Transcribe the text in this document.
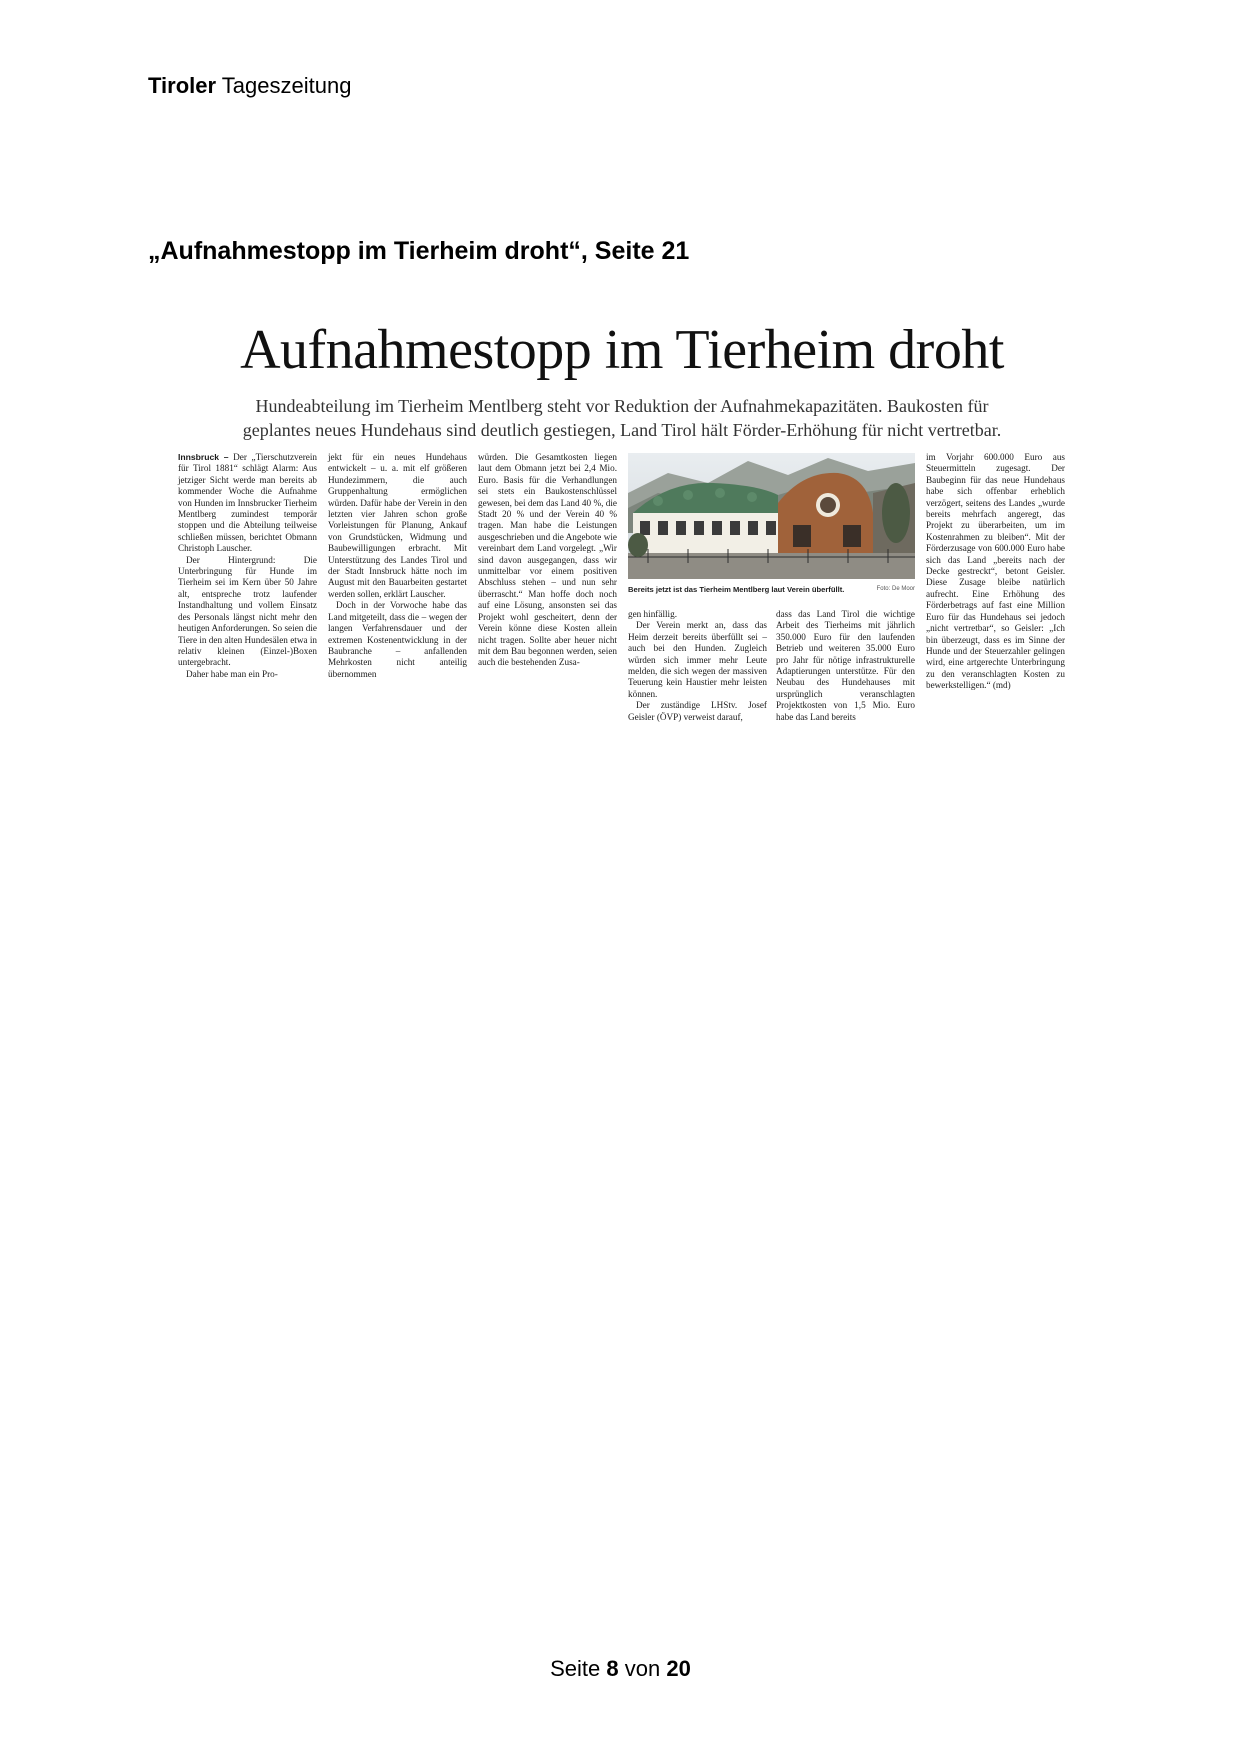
Tiroler Tageszeitung
„Aufnahmestopp im Tierheim droht“, Seite 21
Aufnahmestopp im Tierheim droht
Hundeabteilung im Tierheim Mentlberg steht vor Reduktion der Aufnahmekapazitäten. Baukosten für
geplantes neues Hundehaus sind deutlich gestiegen, Land Tirol hält Förder-Erhöhung für nicht vertretbar.

Innsbruck – Der „Tierschutzverein für Tirol 1881“ schlägt Alarm: Aus jetziger Sicht werde man bereits ab kommender Woche die Aufnahme von Hunden im Innsbrucker Tierheim Mentlberg zumindest temporär stoppen und die Abteilung teilweise schließen müssen, berichtet Obmann Christoph Lauscher.

Der Hintergrund: Die Unterbringung für Hunde im Tierheim sei im Kern über 50 Jahre alt, entspreche trotz laufender Instandhaltung und vollem Einsatz des Personals längst nicht mehr den heutigen Anforderungen. So seien die Tiere in den alten Hundesälen etwa in relativ kleinen (Einzel-)Boxen untergebracht.

Daher habe man ein Pro-

jekt für ein neues Hundehaus entwickelt – u. a. mit elf größeren Hundezimmern, die auch Gruppenhaltung ermöglichen würden. Dafür habe der Verein in den letzten vier Jahren schon große Vorleistungen für Planung, Ankauf von Grundstücken, Widmung und Baubewilligungen erbracht. Mit Unterstützung des Landes Tirol und der Stadt Innsbruck hätte noch im August mit den Bauarbeiten gestartet werden sollen, erklärt Lauscher.

Doch in der Vorwoche habe das Land mitgeteilt, dass die – wegen der langen Verfahrensdauer und der extremen Kostenentwicklung in der Baubranche – anfallenden Mehrkosten nicht anteilig übernommen

würden. Die Gesamtkosten liegen laut dem Obmann jetzt bei 2,4 Mio. Euro. Basis für die Verhandlungen sei stets ein Baukostenschlüssel gewesen, bei dem das Land 40 %, die Stadt 20 % und der Verein 40 % tragen. Man habe die Leistungen ausgeschrieben und die Angebote wie vereinbart dem Land vorgelegt. „Wir sind davon ausgegangen, dass wir unmittelbar vor einem positiven Abschluss stehen – und nun sehr überrascht.“ Man hoffe doch noch auf eine Lösung, ansonsten sei das Projekt wohl gescheitert, denn der Verein könne diese Kosten allein nicht tragen. Sollte aber heuer nicht mit dem Bau begonnen werden, seien auch die bestehenden Zusa-

Bereits jetzt ist das Tierheim Mentlberg laut Verein überfüllt.	Foto: De Moor

gen hinfällig.

Der Verein merkt an, dass das Heim derzeit bereits überfüllt sei – auch bei den Hunden. Zugleich würden sich immer mehr Leute melden, die sich wegen der massiven Teuerung kein Haustier mehr leisten können.

Der zuständige LHStv. Josef Geisler (ÖVP) verweist darauf,

dass das Land Tirol die wichtige Arbeit des Tierheims mit jährlich 350.000 Euro für den laufenden Betrieb und weiteren 35.000 Euro pro Jahr für nötige infrastrukturelle Adaptierungen unterstütze. Für den Neubau des Hundehauses mit ursprünglich veranschlagten Projektkosten von 1,5 Mio. Euro habe das Land bereits

im Vorjahr 600.000 Euro aus Steuermitteln zugesagt. Der Baubeginn für das neue Hundehaus habe sich offenbar erheblich verzögert, seitens des Landes „wurde bereits mehrfach angeregt, das Projekt zu überarbeiten, um im Kostenrahmen zu bleiben“. Mit der Förderzusage von 600.000 Euro habe sich das Land „bereits nach der Decke gestreckt“, betont Geisler. Diese Zusage bleibe natürlich aufrecht. Eine Erhöhung des Förderbetrags auf fast eine Million Euro für das Hundehaus sei jedoch „nicht vertretbar“, so Geisler: „Ich bin überzeugt, dass es im Sinne der Hunde und der Steuerzahler gelingen wird, eine artgerechte Unterbringung zu den veranschlagten Kosten zu bewerkstelligen.“ (md)

Seite 8 von 20
